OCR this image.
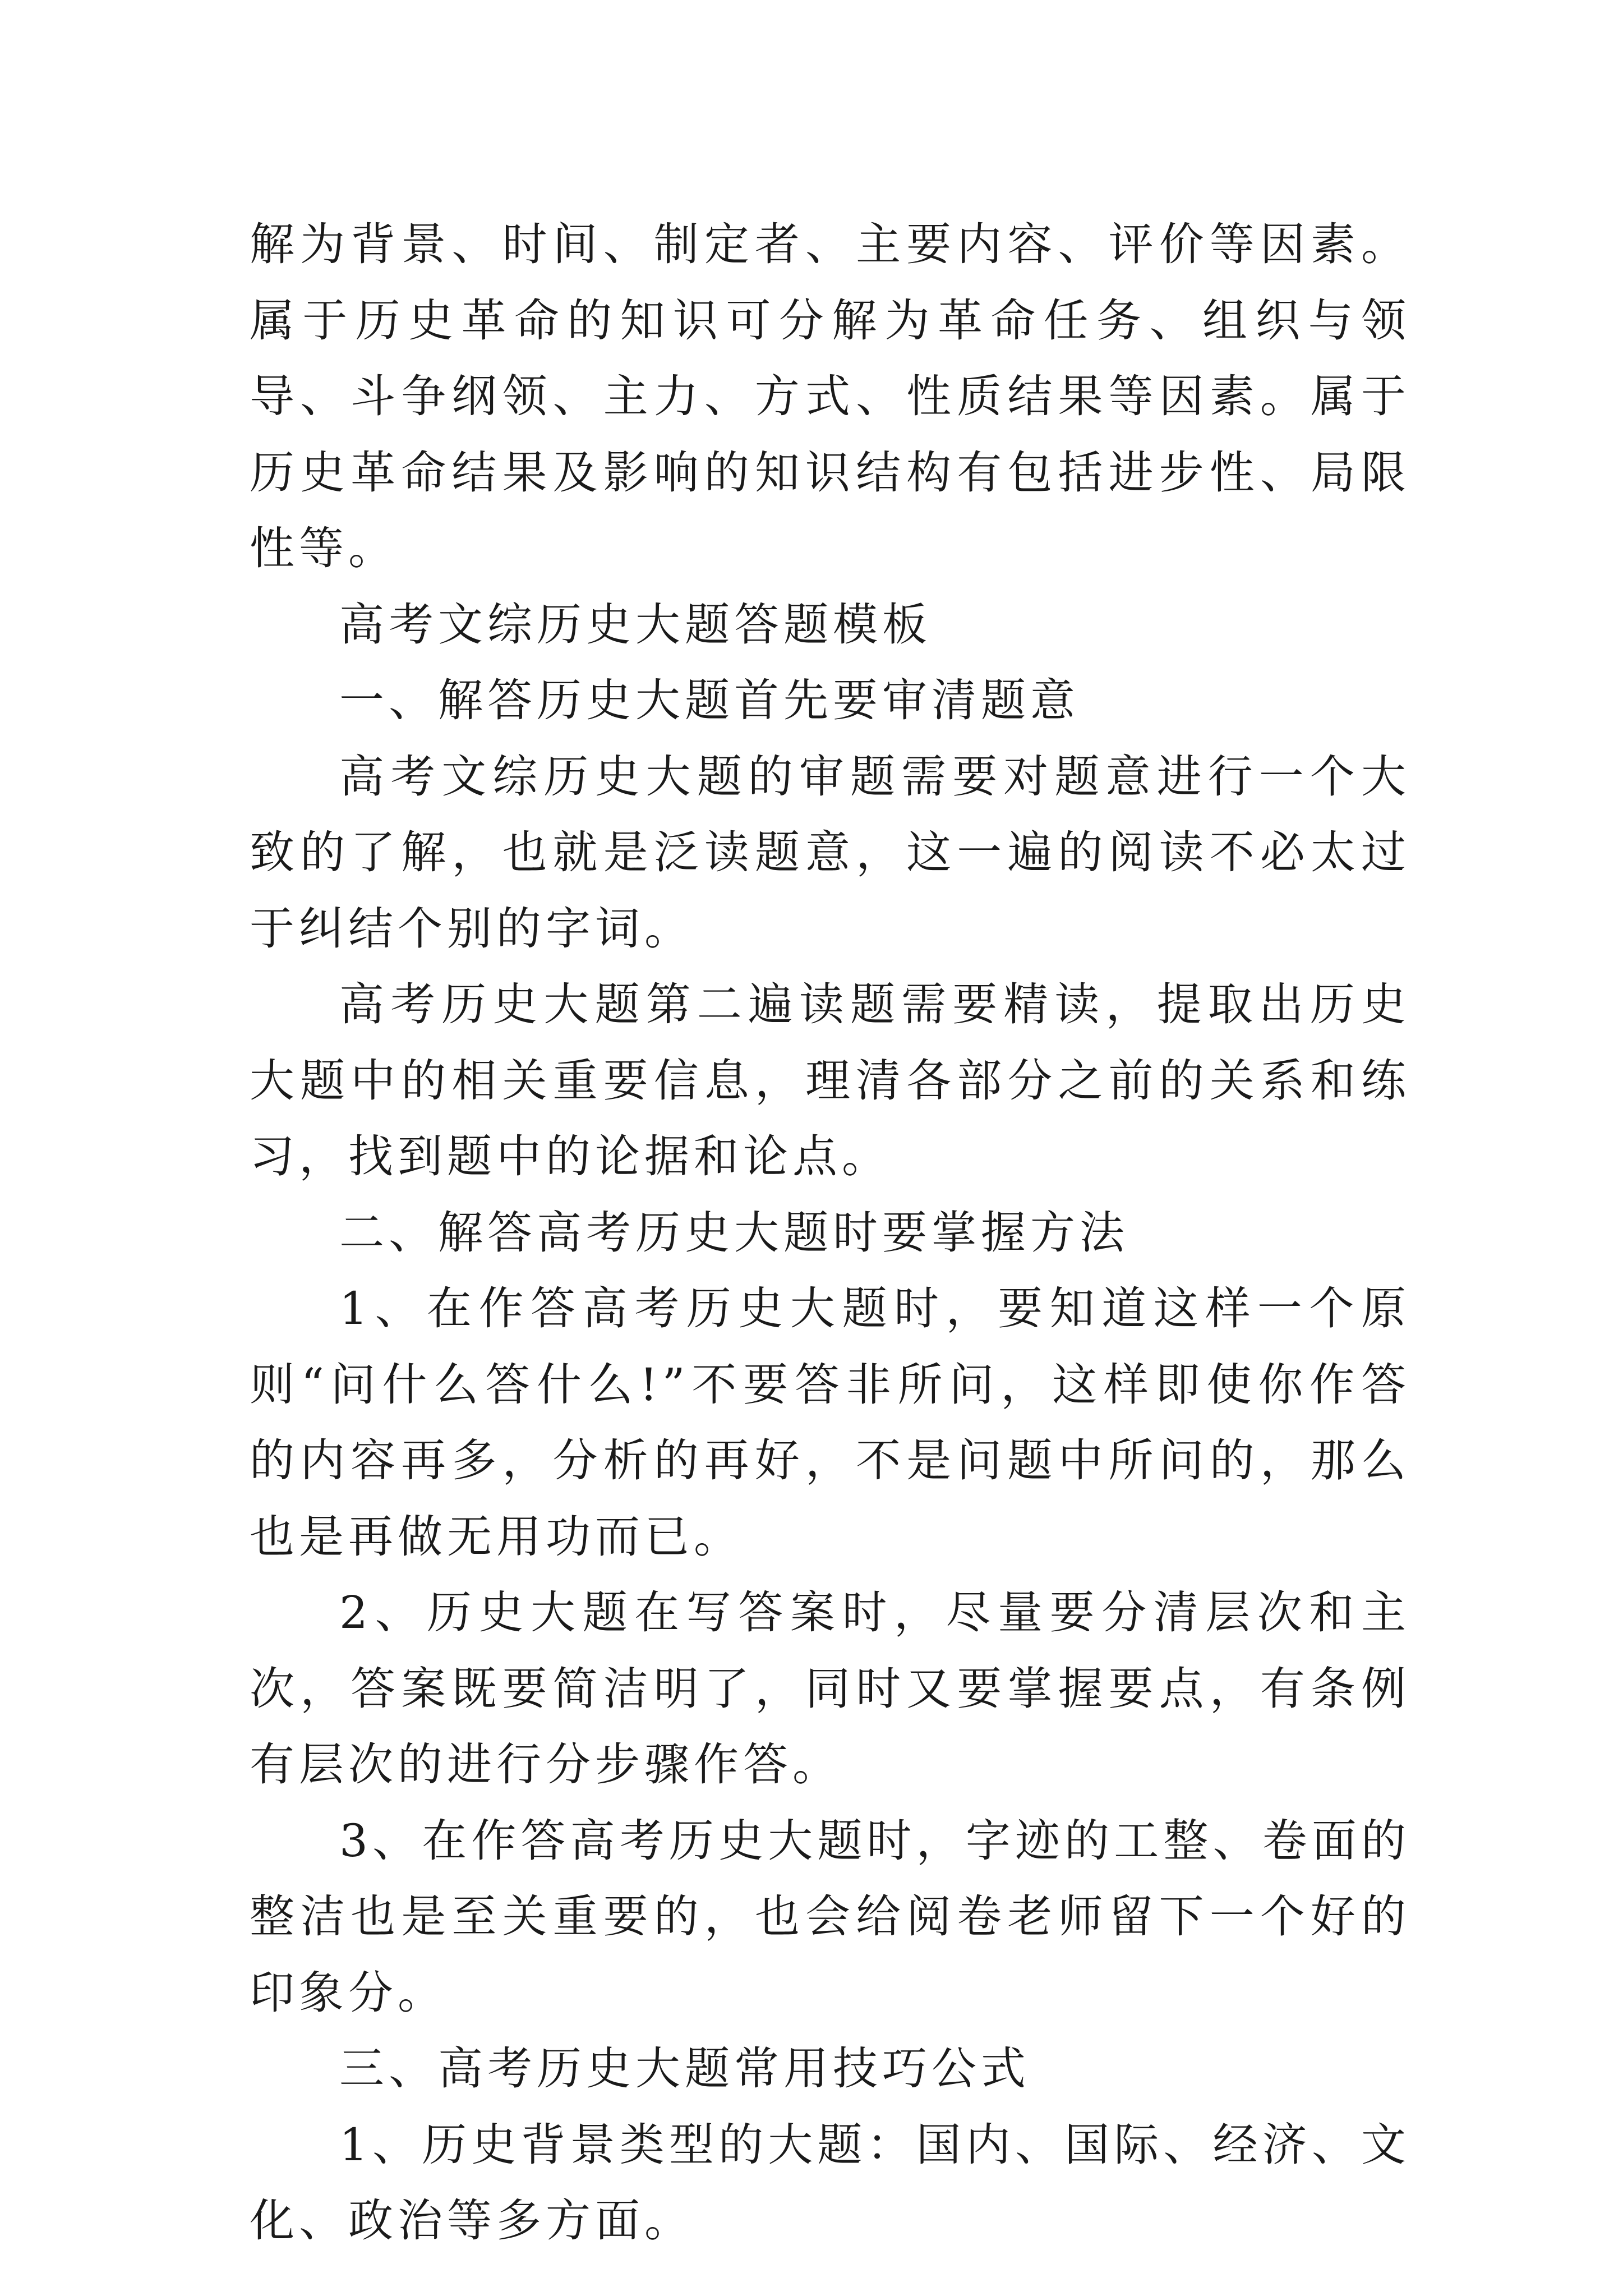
解为背景、时间、制定者、主要内容、评价等因素。属于历史革命的知识可分解为革命任务、组织与领导、斗争纲领、主力、方式、性质结果等因素。属于历史革命结果及影响的知识结构有包括进步性、局限性等。

高考文综历史大题答题模板

一、解答历史大题首先要审清题意

高考文综历史大题的审题需要对题意进行一个大致的了解，也就是泛读题意，这一遍的阅读不必太过于纠结个别的字词。

高考历史大题第二遍读题需要精读，提取出历史大题中的相关重要信息，理清各部分之前的关系和练习，找到题中的论据和论点。

二、解答高考历史大题时要掌握方法

1、在作答高考历史大题时，要知道这样一个原则“问什么答什么!”不要答非所问，这样即使你作答的内容再多，分析的再好，不是问题中所问的，那么也是再做无用功而已。

2、历史大题在写答案时，尽量要分清层次和主次，答案既要简洁明了，同时又要掌握要点，有条例有层次的进行分步骤作答。

3、在作答高考历史大题时，字迹的工整、卷面的整洁也是至关重要的，也会给阅卷老师留下一个好的印象分。

三、高考历史大题常用技巧公式

1、历史背景类型的大题：国内、国际、经济、文化、政治等多方面。
